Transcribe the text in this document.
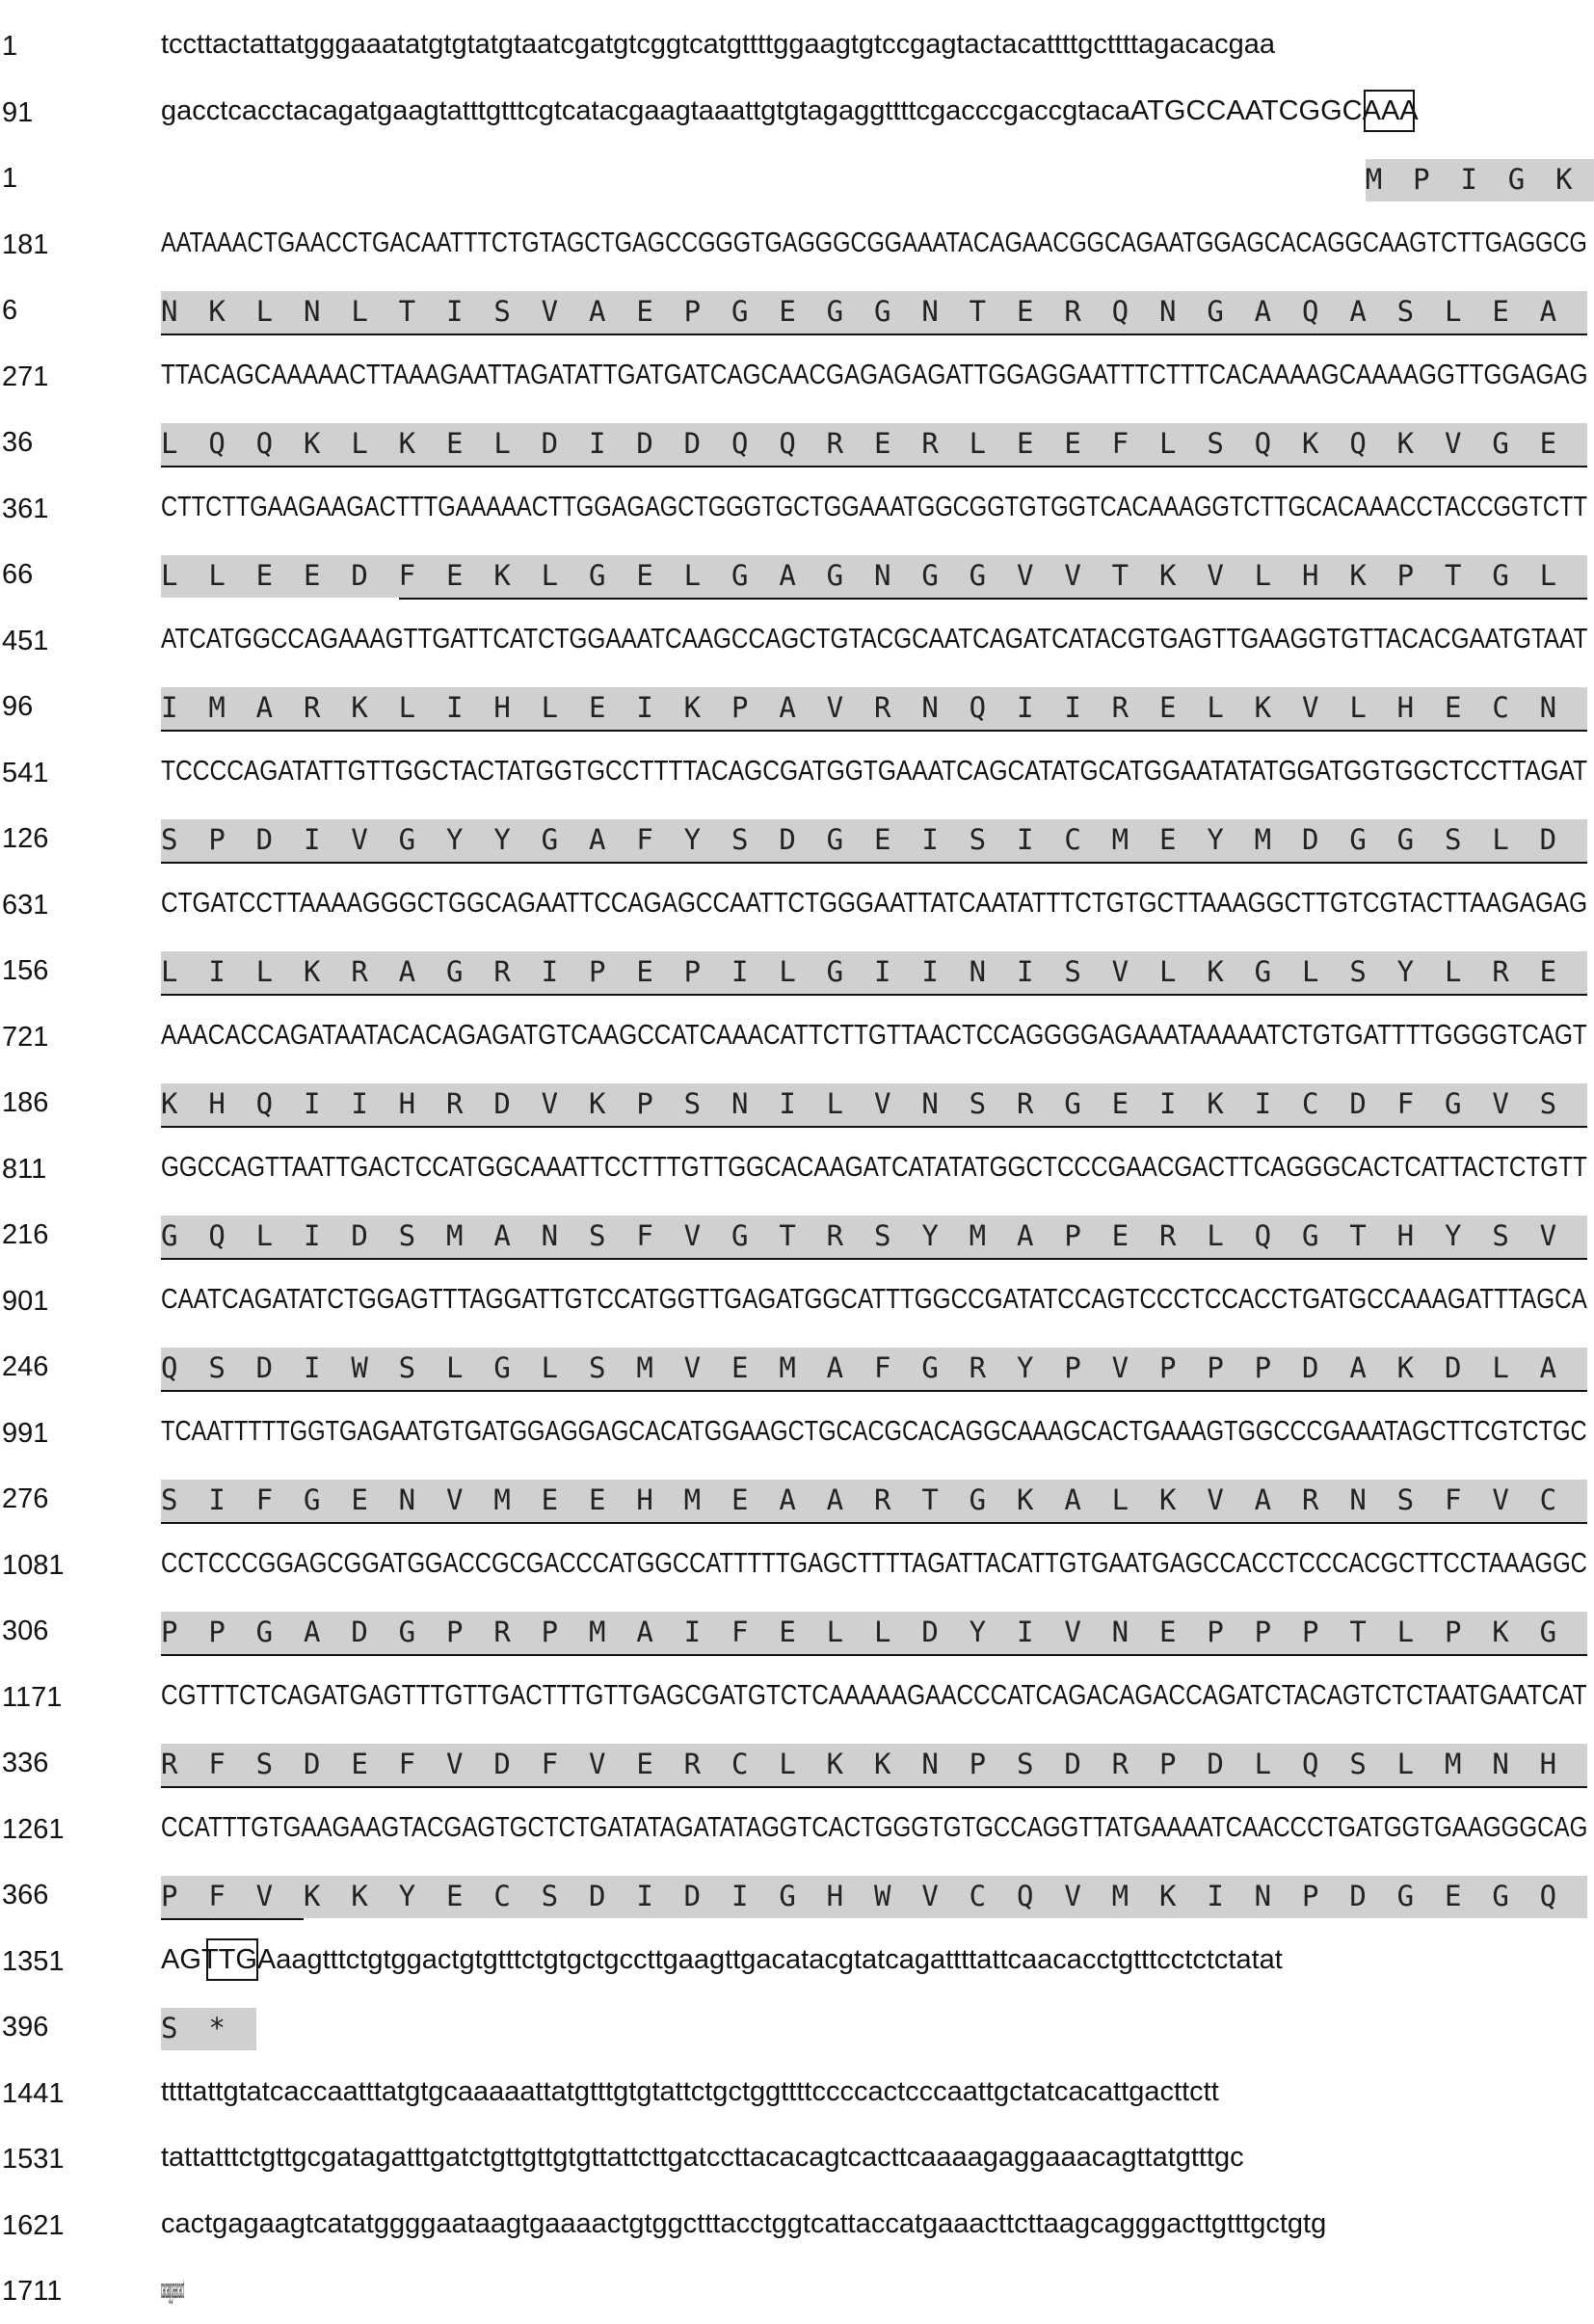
1	tccttactattatgggaaatatgtgtatgtaatcgatgtcggtcatgttttggaagtgtccgagtactacattttgcttttagacacgaa
91	gacctcacctacagatgaagtatttgtttcgtcatacgaagtaaattgtgtagaggttttcgacccgaccgtacaATGCCAATCGGCAAA
1	M P I G K
181	AATAAACTGAACCTGACAATTTCTGTAGCTGAGCCGGGTGAGGGCGGAAATACAGAACGGCAGAATGGAGCACAGGCAAGTCTTGAGGCG
6	N K L N L T I S V A E P G E G G N T E R Q N G A Q A S L E A
271	TTACAGCAAAAACTTAAAGAATTAGATATTGATGATCAGCAACGAGAGAGATTGGAGGAATTTCTTTCACAAAAGCAAAAGGTTGGAGAG
36	L Q Q K L K E L D I D D Q Q R E R L E E F L S Q K Q K V G E
361	CTTCTTGAAGAAGACTTTGAAAAACTTGGAGAGCTGGGTGCTGGAAATGGCGGTGTGGTCACAAAGGTCTTGCACAAACCTACCGGTCTT
66	L L E E D F E K L G E L G A G N G G V V T K V L H K P T G L
451	ATCATGGCCAGAAAGTTGATTCATCTGGAAATCAAGCCAGCTGTACGCAATCAGATCATACGTGAGTTGAAGGTGTTACACGAATGTAAT
96	I M A R K L I H L E I K P A V R N Q I I R E L K V L H E C N
541	TCCCCAGATATTGTTGGCTACTATGGTGCCTTTTACAGCGATGGTGAAATCAGCATATGCATGGAATATATGGATGGTGGCTCCTTAGAT
126	S P D I V G Y Y G A F Y S D G E I S I C M E Y M D G G S L D
631	CTGATCCTTAAAAGGGCTGGCAGAATTCCAGAGCCAATTCTGGGAATTATCAATATTTCTGTGCTTAAAGGCTTGTCGTACTTAAGAGAG
156	L I L K R A G R I P E P I L G I I N I S V L K G L S Y L R E
721	AAACACCAGATAATACACAGAGATGTCAAGCCATCAAACATTCTTGTTAACTCCAGGGGAGAAATAAAAATCTGTGATTTTGGGGTCAGT
186	K H Q I I H R D V K P S N I L V N S R G E I K I C D F G V S
811	GGCCAGTTAATTGACTCCATGGCAAATTCCTTTGTTGGCACAAGATCATATATGGCTCCCGAACGACTTCAGGGCACTCATTACTCTGTT
216	G Q L I D S M A N S F V G T R S Y M A P E R L Q G T H Y S V
901	CAATCAGATATCTGGAGTTTAGGATTGTCCATGGTTGAGATGGCATTTGGCCGATATCCAGTCCCTCCACCTGATGCCAAAGATTTAGCA
246	Q S D I W S L G L S M V E M A F G R Y P V P P P D A K D L A
991	TCAATTTTTGGTGAGAATGTGATGGAGGAGCACATGGAAGCTGCACGCACAGGCAAAGCACTGAAAGTGGCCCGAAATAGCTTCGTCTGC
276	S I F G E N V M E E H M E A A R T G K A L K V A R N S F V C
1081	CCTCCCGGAGCGGATGGACCGCGACCCATGGCCATTTTTGAGCTTTTAGATTACATTGTGAATGAGCCACCTCCCACGCTTCCTAAAGGC
306	P P G A D G P R P M A I F E L L D Y I V N E P P P T L P K G
1171	CGTTTCTCAGATGAGTTTGTTGACTTTGTTGAGCGATGTCTCAAAAAGAACCCATCAGACAGACCAGATCTACAGTCTCTAATGAATCAT
336	R F S D E F V D F V E R C L K K N P S D R P D L Q S L M N H
1261	CCATTTGTGAAGAAGTACGAGTGCTCTGATATAGATATAGGTCACTGGGTGTGCCAGGTTATGAAAATCAACCCTGATGGTGAAGGGCAG
366	P F V K K Y E C S D I D I G H W V C Q V M K I N P D G E G Q
1351	AGTTGAaagtttctgtggactgtgtttctgtgctgccttgaagttgacatacgtatcagattttattcaacacctgtttcctctctatat
396	S *
1441	ttttattgtatcaccaatttatgtgcaaaaattatgtttgtgtattctgctggttttccccactcccaattgctatcacattgacttctt
1531	tattatttctgttgcgatagatttgatctgttgttgtgttattcttgatccttacacagtcacttcaaaagaggaaacagttatgtttgc
1621	cactgagaagtcatatggggaataagtgaaaactgtggctttacctggtcattaccatgaaacttcttaagcagggacttgtttgctgtg
1711	cacaggaacact
